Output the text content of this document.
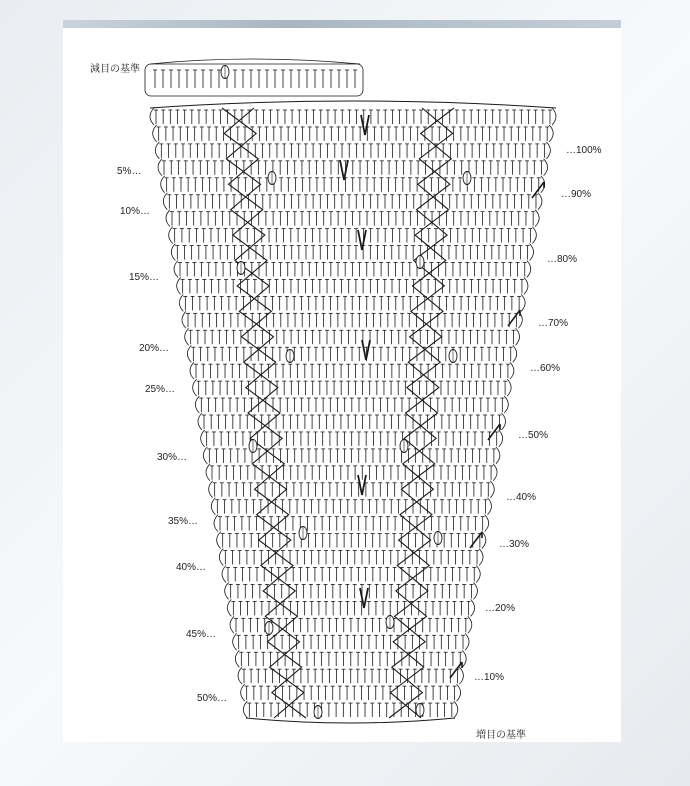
減目の基準
増目の基準
5%…
10%…
15%…
20%…
25%…
30%…
35%…
40%…
45%…
50%…
…100%
…90%
…80%
…70%
…60%
…50%
…40%
…30%
…20%
…10%
